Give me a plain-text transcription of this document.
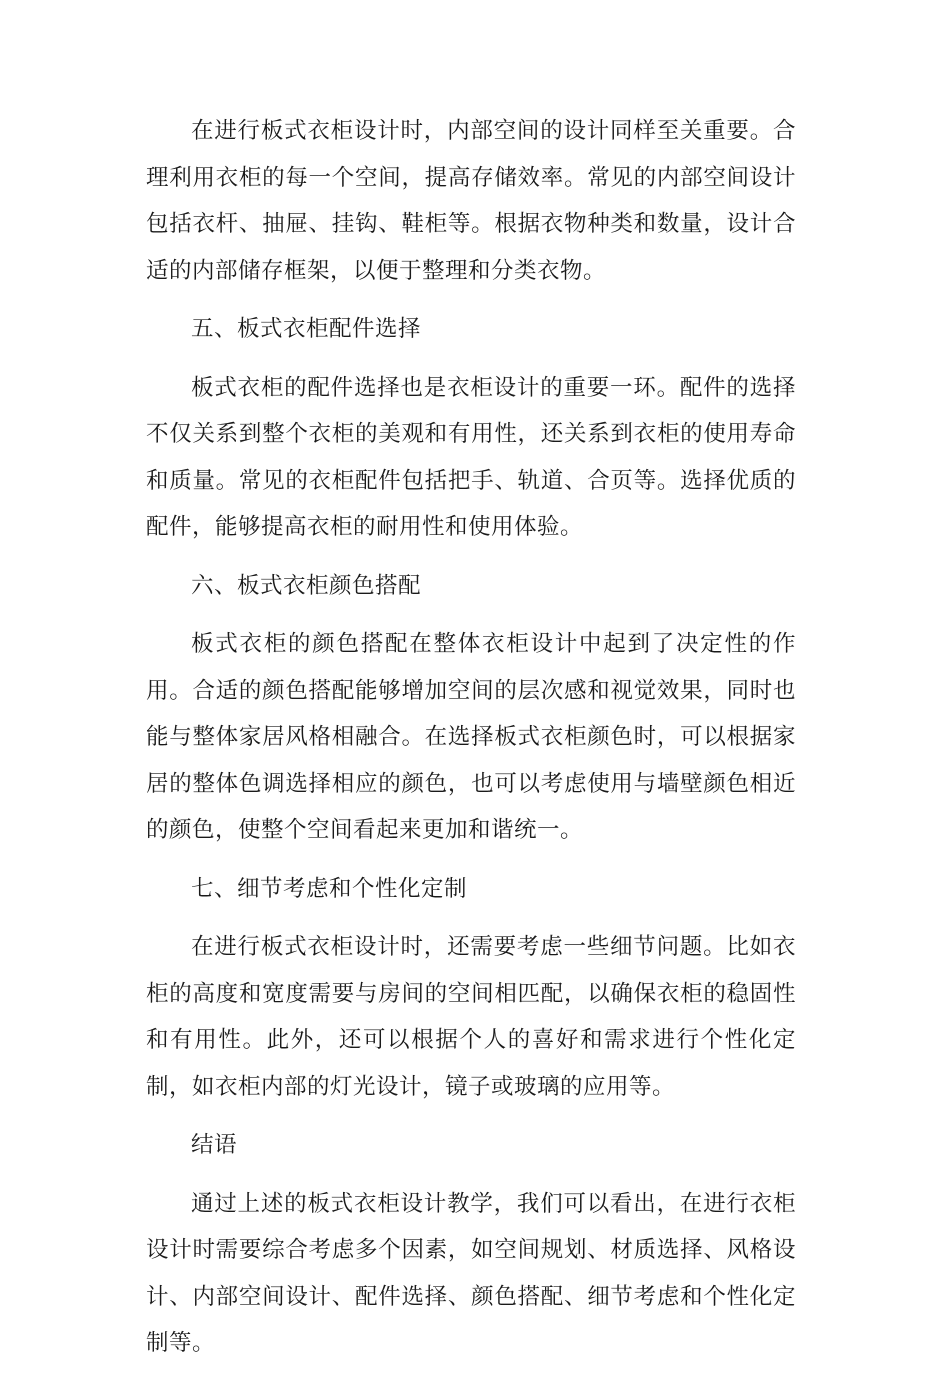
在进行板式衣柜设计时，内部空间的设计同样至关重要。合理利用衣柜的每一个空间，提高存储效率。常见的内部空间设计包括衣杆、抽屉、挂钩、鞋柜等。根据衣物种类和数量，设计合适的内部储存框架，以便于整理和分类衣物。

五、板式衣柜配件选择

板式衣柜的配件选择也是衣柜设计的重要一环。配件的选择不仅关系到整个衣柜的美观和有用性，还关系到衣柜的使用寿命和质量。常见的衣柜配件包括把手、轨道、合页等。选择优质的配件，能够提高衣柜的耐用性和使用体验。

六、板式衣柜颜色搭配

板式衣柜的颜色搭配在整体衣柜设计中起到了决定性的作用。合适的颜色搭配能够增加空间的层次感和视觉效果，同时也能与整体家居风格相融合。在选择板式衣柜颜色时，可以根据家居的整体色调选择相应的颜色，也可以考虑使用与墙壁颜色相近的颜色，使整个空间看起来更加和谐统一。

七、细节考虑和个性化定制

在进行板式衣柜设计时，还需要考虑一些细节问题。比如衣柜的高度和宽度需要与房间的空间相匹配，以确保衣柜的稳固性和有用性。此外，还可以根据个人的喜好和需求进行个性化定制，如衣柜内部的灯光设计，镜子或玻璃的应用等。

结语

通过上述的板式衣柜设计教学，我们可以看出，在进行衣柜设计时需要综合考虑多个因素，如空间规划、材质选择、风格设计、内部空间设计、配件选择、颜色搭配、细节考虑和个性化定制等。
